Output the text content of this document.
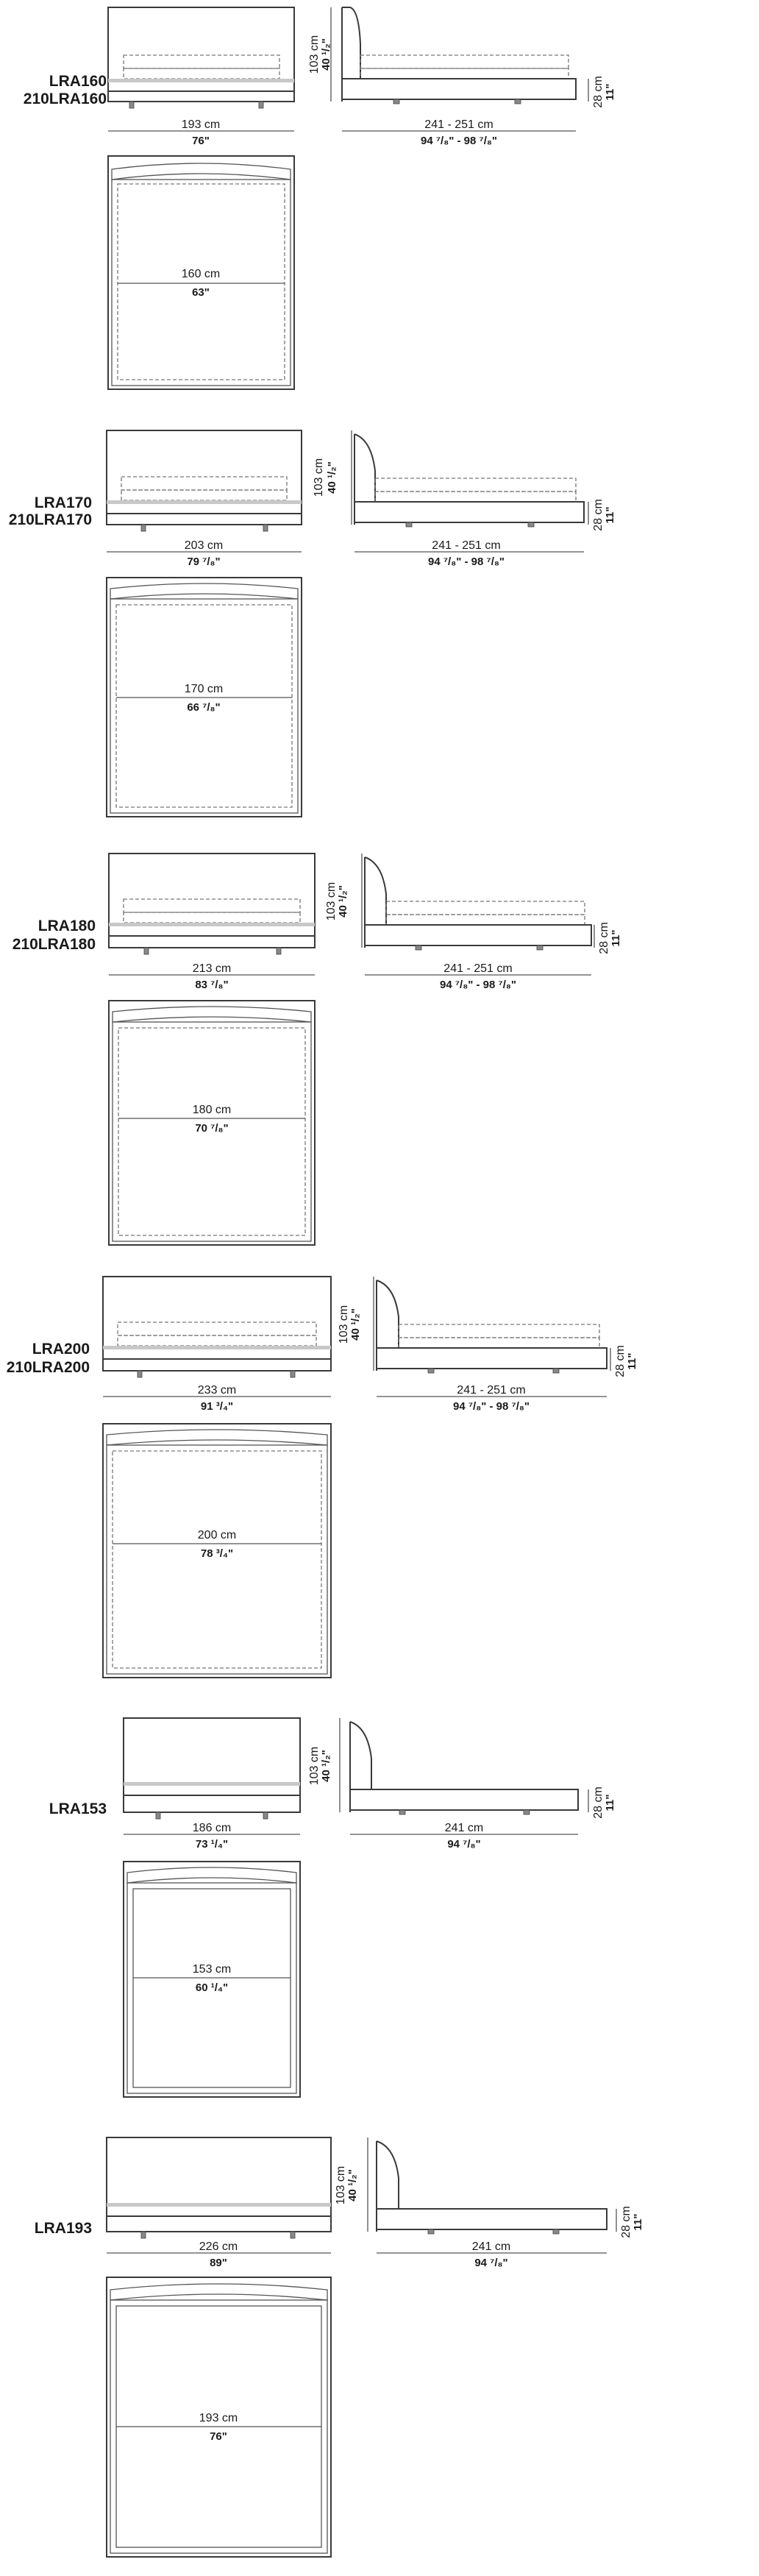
LRA160
210LRA160
193 cm
76"
103 cm 40 ¹/₂"
241 - 251 cm
94 ⁷/₈" - 98 ⁷/₈"
28 cm 11"
160 cm
63"
LRA170
210LRA170
203 cm
79 ⁷/₈"
103 cm 40 ¹/₂"
241 - 251 cm
94 ⁷/₈" - 98 ⁷/₈"
28 cm 11"
170 cm
66 ⁷/₈"
LRA180
210LRA180
213 cm
83 ⁷/₈"
103 cm 40 ¹/₂"
241 - 251 cm
94 ⁷/₈" - 98 ⁷/₈"
28 cm 11"
180 cm
70 ⁷/₈"
LRA200
210LRA200
233 cm
91 ³/₄"
103 cm 40 ¹/₂"
241 - 251 cm
94 ⁷/₈" - 98 ⁷/₈"
28 cm 11"
200 cm
78 ³/₄"
LRA153
186 cm
73 ¹/₄"
103 cm 40 ¹/₂"
241 cm
94 ⁷/₈"
28 cm 11"
153 cm
60 ¹/₄"
LRA193
226 cm
89"
103 cm 40 ¹/₂"
241 cm
94 ⁷/₈"
28 cm 11"
193 cm
76"
